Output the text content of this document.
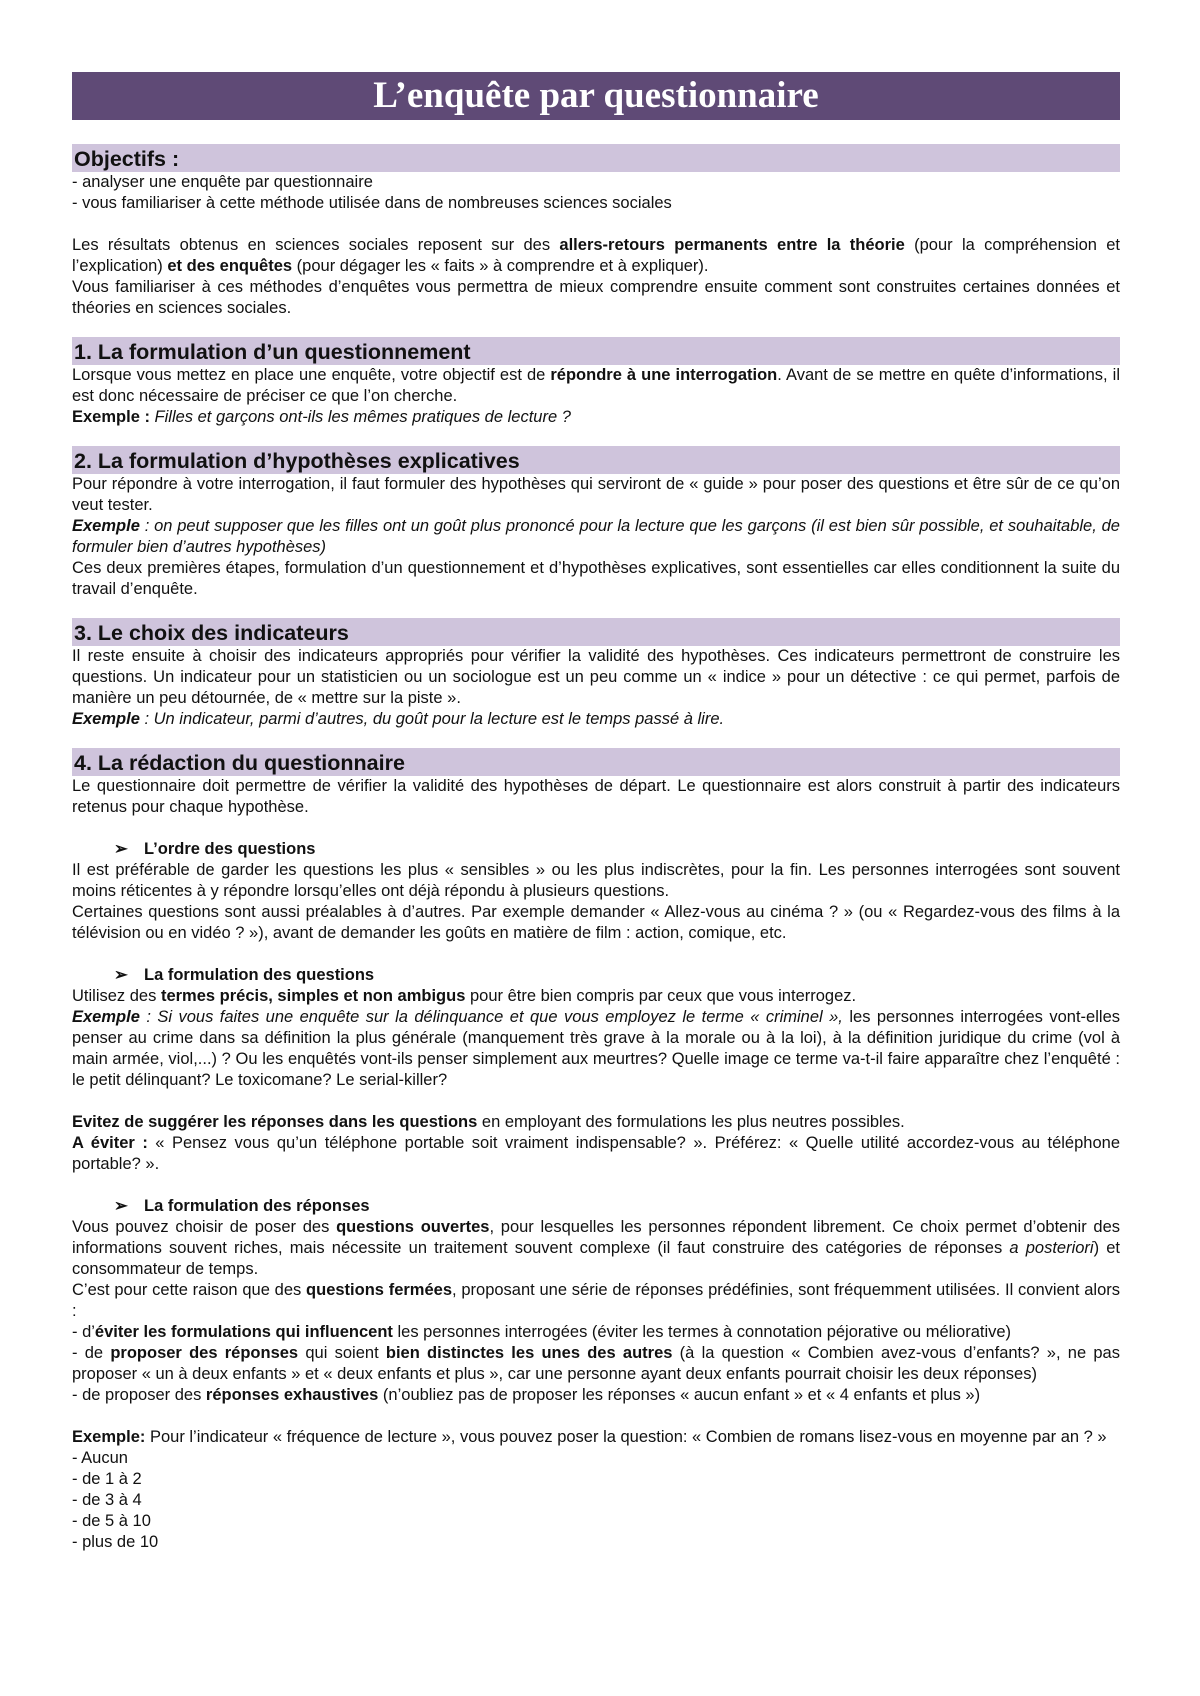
L’enquête par questionnaire
Objectifs :

- analyser une enquête par questionnaire

- vous familiariser à cette méthode utilisée dans de nombreuses sciences sociales

Les résultats obtenus en sciences sociales reposent sur des allers-retours permanents entre la théorie (pour la compréhension et l’explication) et des enquêtes (pour dégager les « faits » à comprendre et à expliquer).

Vous familiariser à ces méthodes d’enquêtes vous permettra de mieux comprendre ensuite comment sont construites certaines données et théories en sciences sociales.

1. La formulation d’un questionnement

Lorsque vous mettez en place une enquête, votre objectif est de répondre à une interrogation. Avant de se mettre en quête d’informations, il est donc nécessaire de préciser ce que l’on cherche.

Exemple : Filles et garçons ont-ils les mêmes pratiques de lecture ?

2. La formulation d’hypothèses explicatives

Pour répondre à votre interrogation, il faut formuler des hypothèses qui serviront de « guide » pour poser des questions et être sûr de ce qu’on veut tester.

Exemple : on peut supposer que les filles ont un goût plus prononcé pour la lecture que les garçons (il est bien sûr possible, et souhaitable, de formuler bien d’autres hypothèses)

Ces deux premières étapes, formulation d’un questionnement et d’hypothèses explicatives, sont essentielles car elles conditionnent la suite du travail d’enquête.

3. Le choix des indicateurs

Il reste ensuite à choisir des indicateurs appropriés pour vérifier la validité des hypothèses. Ces indicateurs permettront de construire les questions. Un indicateur pour un statisticien ou un sociologue est un peu comme un « indice » pour un détective : ce qui permet, parfois de manière un peu détournée, de « mettre sur la piste ».

Exemple : Un indicateur, parmi d’autres, du goût pour la lecture est le temps passé à lire.

4. La rédaction du questionnaire

Le questionnaire doit permettre de vérifier la validité des hypothèses de départ. Le questionnaire est alors construit à partir des indicateurs retenus pour chaque hypothèse.

➢ L’ordre des questions

Il est préférable de garder les questions les plus « sensibles » ou les plus indiscrètes, pour la fin. Les personnes interrogées sont souvent moins réticentes à y répondre lorsqu’elles ont déjà répondu à plusieurs questions.

Certaines questions sont aussi préalables à d’autres. Par exemple demander « Allez-vous au cinéma ? » (ou « Regardez-vous des films à la télévision ou en vidéo ? »), avant de demander les goûts en matière de film : action, comique, etc.

➢ La formulation des questions

Utilisez des termes précis, simples et non ambigus pour être bien compris par ceux que vous interrogez.

Exemple : Si vous faites une enquête sur la délinquance et que vous employez le terme « criminel », les personnes interrogées vont-elles penser au crime dans sa définition la plus générale (manquement très grave à la morale ou à la loi), à la définition juridique du crime (vol à main armée, viol,...) ? Ou les enquêtés vont-ils penser simplement aux meurtres? Quelle image ce terme va-t-il faire apparaître chez l’enquêté : le petit délinquant? Le toxicomane? Le serial-killer?

Evitez de suggérer les réponses dans les questions en employant des formulations les plus neutres possibles.

A éviter : « Pensez vous qu’un téléphone portable soit vraiment indispensable? ». Préférez: « Quelle utilité accordez-vous au téléphone portable? ».

➢ La formulation des réponses

Vous pouvez choisir de poser des questions ouvertes, pour lesquelles les personnes répondent librement. Ce choix permet d’obtenir des informations souvent riches, mais nécessite un traitement souvent complexe (il faut construire des catégories de réponses a posteriori) et consommateur de temps.

C’est pour cette raison que des questions fermées, proposant une série de réponses prédéfinies, sont fréquemment utilisées. Il convient alors :

- d’éviter les formulations qui influencent les personnes interrogées (éviter les termes à connotation péjorative ou méliorative)

- de proposer des réponses qui soient bien distinctes les unes des autres (à la question « Combien avez-vous d’enfants? », ne pas proposer « un à deux enfants » et « deux enfants et plus », car une personne ayant deux enfants pourrait choisir les deux réponses)

- de proposer des réponses exhaustives (n’oubliez pas de proposer les réponses « aucun enfant » et « 4 enfants et plus »)

Exemple: Pour l’indicateur « fréquence de lecture », vous pouvez poser la question: « Combien de romans lisez-vous en moyenne par an ? »

- Aucun

- de 1 à 2

- de 3 à 4

- de 5 à 10

- plus de 10
